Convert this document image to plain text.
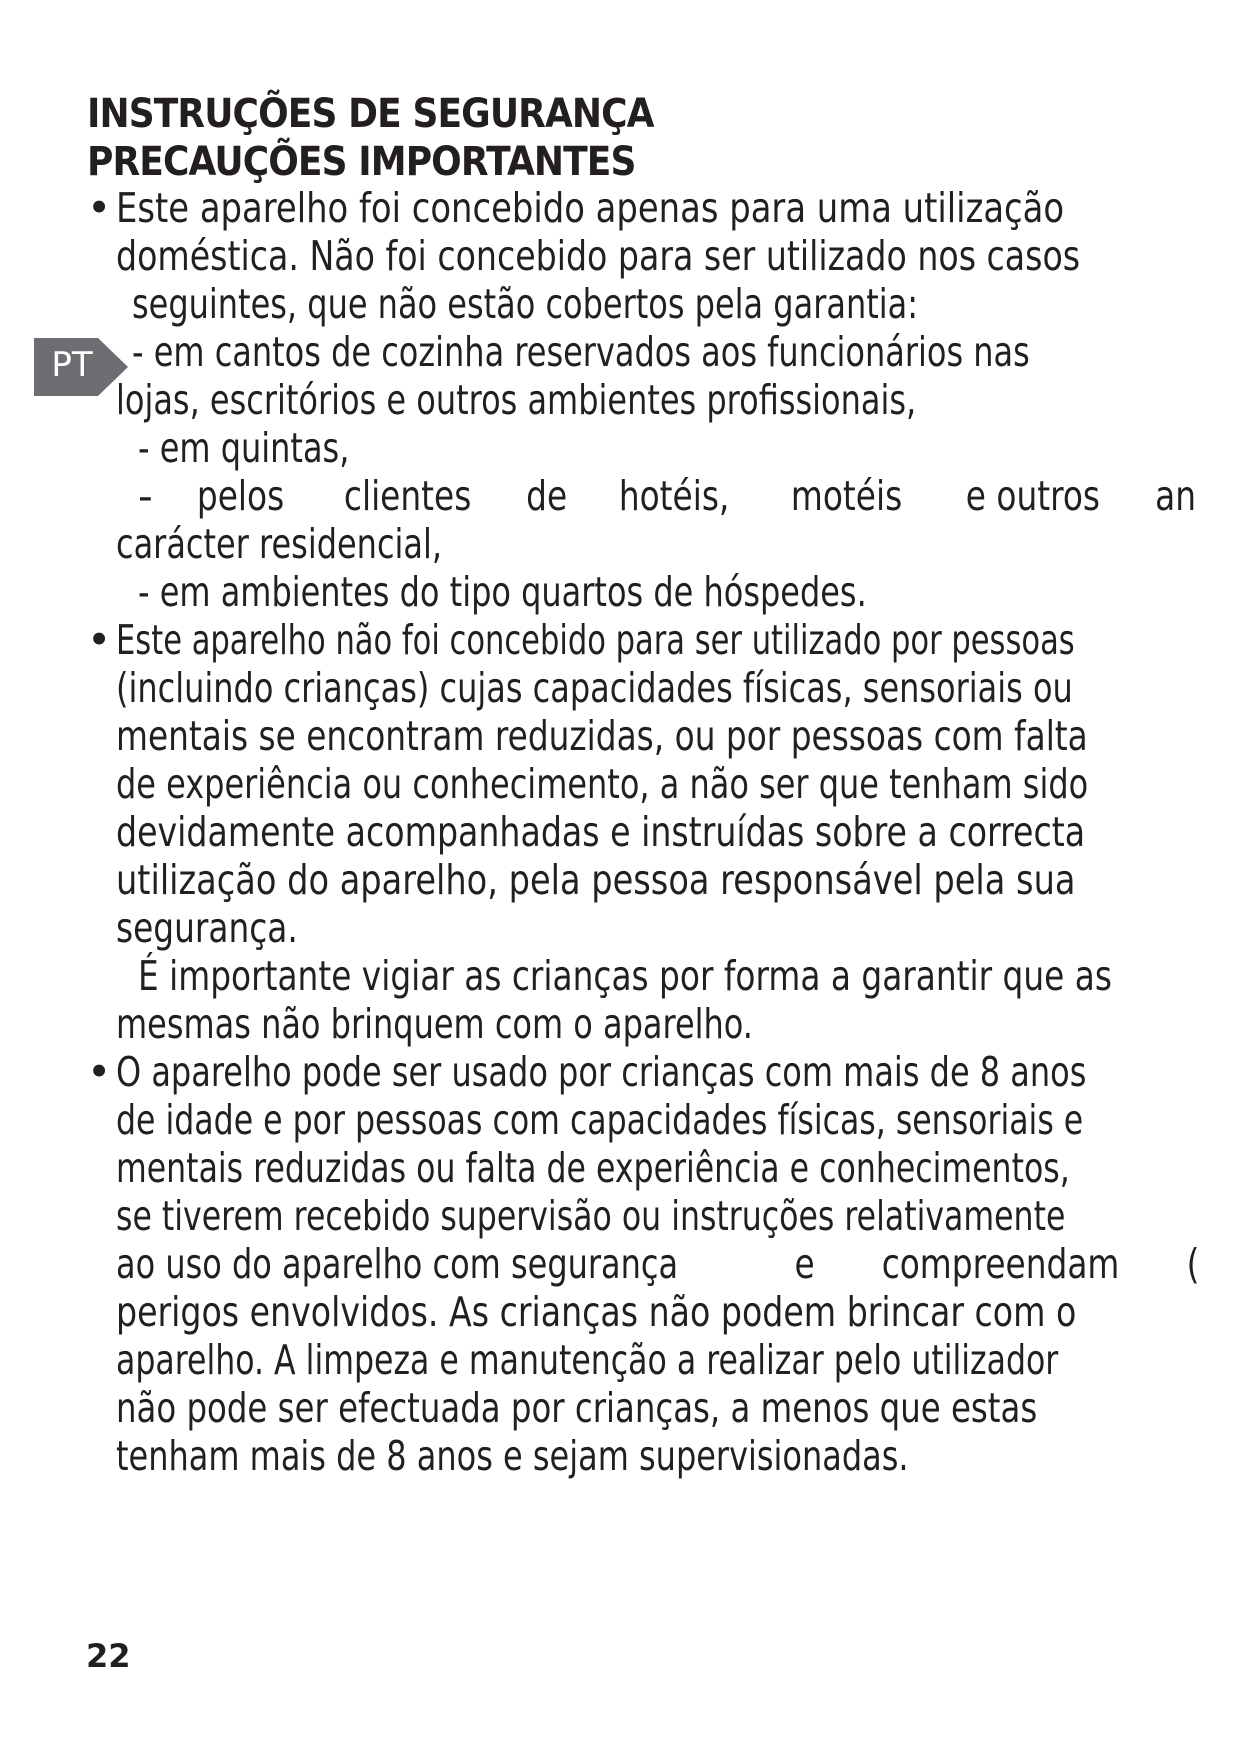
INSTRUÇÕES DE SEGURANÇA
PRECAUÇÕES IMPORTANTES
PT
• Este aparelho foi concebido apenas para uma utilização
doméstica. Não foi concebido para ser utilizado nos casos
seguintes, que não estão cobertos pela garantia:
- em cantos de cozinha reservados aos funcionários nas
lojas, escritórios e outros ambientes profissionais,
- em quintas,
- pelos clientes de hotéis, motéis e outros an
carácter residencial,
- em ambientes do tipo quartos de hóspedes.
• Este aparelho não foi concebido para ser utilizado por pessoas
(incluindo crianças) cujas capacidades físicas, sensoriais ou
mentais se encontram reduzidas, ou por pessoas com falta
de experiência ou conhecimento, a não ser que tenham sido
devidamente acompanhadas e instruídas sobre a correcta
utilização do aparelho, pela pessoa responsável pela sua
segurança.
É importante vigiar as crianças por forma a garantir que as
mesmas não brinquem com o aparelho.
• O aparelho pode ser usado por crianças com mais de 8 anos
de idade e por pessoas com capacidades físicas, sensoriais e
mentais reduzidas ou falta de experiência e conhecimentos,
se tiverem recebido supervisão ou instruções relativamente
ao uso do aparelho com segurança	e compreendam (
perigos envolvidos. As crianças não podem brincar com o
aparelho. A limpeza e manutenção a realizar pelo utilizador
não pode ser efectuada por crianças, a menos que estas
tenham mais de 8 anos e sejam supervisionadas.
22
